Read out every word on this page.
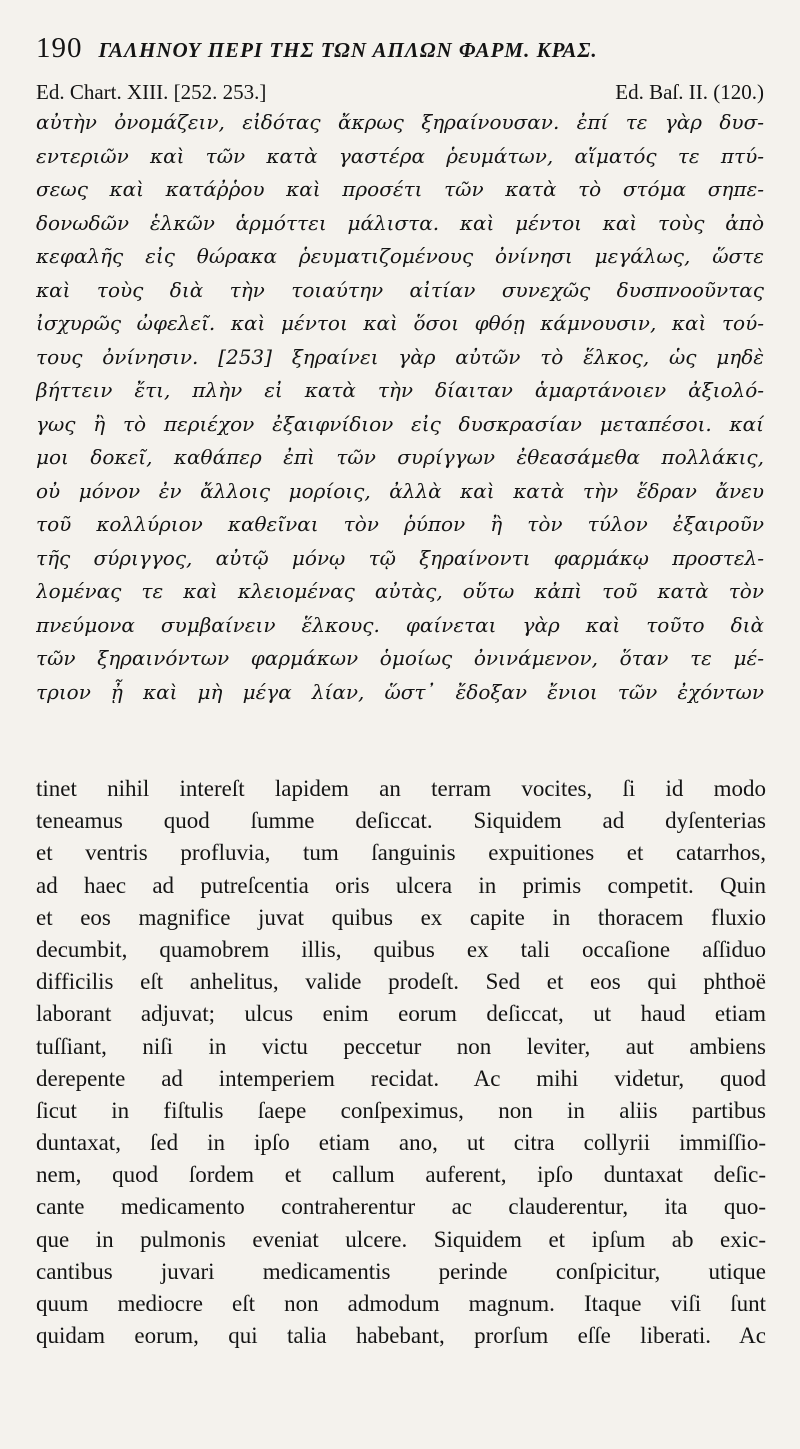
190 ΓΑΛΗΝΟΥ ΠΕΡΙ ΤΗΣ ΤΩΝ ΑΠΛΩΝ ΦΑΡΜ. ΚΡΑΣ.
Ed. Chart. XIII. [252. 253.]	Ed. Baſ. II. (120.)
αὐτὴν ὀνομάζειν, εἰδότας ἄκρως ξηραίνουσαν. ἐπί τε γὰρ δυσ-
εντεριῶν καὶ τῶν κατὰ γαστέρα ῥευμάτων, αἵματός τε πτύ-
σεως καὶ κατάῤῥου καὶ προσέτι τῶν κατὰ τὸ στόμα σηπε-
δονωδῶν ἑλκῶν ἁρμόττει μάλιστα. καὶ μέντοι καὶ τοὺς ἀπὸ
κεφαλῆς εἰς θώρακα ῥευματιζομένους ὀνίνησι μεγάλως, ὥστε
καὶ τοὺς διὰ τὴν τοιαύτην αἰτίαν συνεχῶς δυσπνοοῦντας
ἰσχυρῶς ὠφελεῖ. καὶ μέντοι καὶ ὅσοι φθόῃ κάμνουσιν, καὶ τού-
τους ὀνίνησιν. [253] ξηραίνει γὰρ αὐτῶν τὸ ἕλκος, ὡς μηδὲ
βήττειν ἔτι, πλὴν εἰ κατὰ τὴν δίαιταν ἁμαρτάνοιεν ἀξιολό-
γως ἢ τὸ περιέχον ἐξαιφνίδιον εἰς δυσκρασίαν μεταπέσοι. καί
μοι δοκεῖ, καθάπερ ἐπὶ τῶν συρίγγων ἐθεασάμεθα πολλάκις,
οὐ μόνον ἐν ἄλλοις μορίοις, ἀλλὰ καὶ κατὰ τὴν ἕδραν ἄνευ
τοῦ κολλύριον καθεῖναι τὸν ῥύπον ἢ τὸν τύλον ἐξαιροῦν
τῆς σύριγγος, αὐτῷ μόνῳ τῷ ξηραίνοντι φαρμάκῳ προστελ-
λομένας τε καὶ κλειομένας αὐτὰς, οὕτω κἀπὶ τοῦ κατὰ τὸν
πνεύμονα συμβαίνειν ἕλκους. φαίνεται γὰρ καὶ τοῦτο διὰ
τῶν ξηραινόντων φαρμάκων ὁμοίως ὀνινάμενον, ὅταν τε μέ-
τριον ᾖ καὶ μὴ μέγα λίαν, ὥστ᾽ ἔδοξαν ἔνιοι τῶν ἐχόντων
tinet nihil intereſt lapidem an terram vocites, ſi id modo
teneamus quod ſumme deſiccat. Siquidem ad dyſenterias
et ventris profluvia, tum ſanguinis expuitiones et catarrhos,
ad haec ad putreſcentia oris ulcera in primis competit. Quin
et eos magnifice juvat quibus ex capite in thoracem fluxio
decumbit, quamobrem illis, quibus ex tali occaſione aſſiduo
difficilis eſt anhelitus, valide prodeſt. Sed et eos qui phthoë
laborant adjuvat; ulcus enim eorum deſiccat, ut haud etiam
tuſſiant, niſi in victu peccetur non leviter, aut ambiens
derepente ad intemperiem recidat. Ac mihi videtur, quod
ſicut in fiſtulis ſaepe conſpeximus, non in aliis partibus
duntaxat, ſed in ipſo etiam ano, ut citra collyrii immiſſio-
nem, quod ſordem et callum auferent, ipſo duntaxat deſic-
cante medicamento contraherentur ac clauderentur, ita quo-
que in pulmonis eveniat ulcere. Siquidem et ipſum ab exic-
cantibus juvari medicamentis perinde conſpicitur, utique
quum mediocre eſt non admodum magnum. Itaque viſi ſunt
quidam eorum, qui talia habebant, prorſum eſſe liberati. Ac
